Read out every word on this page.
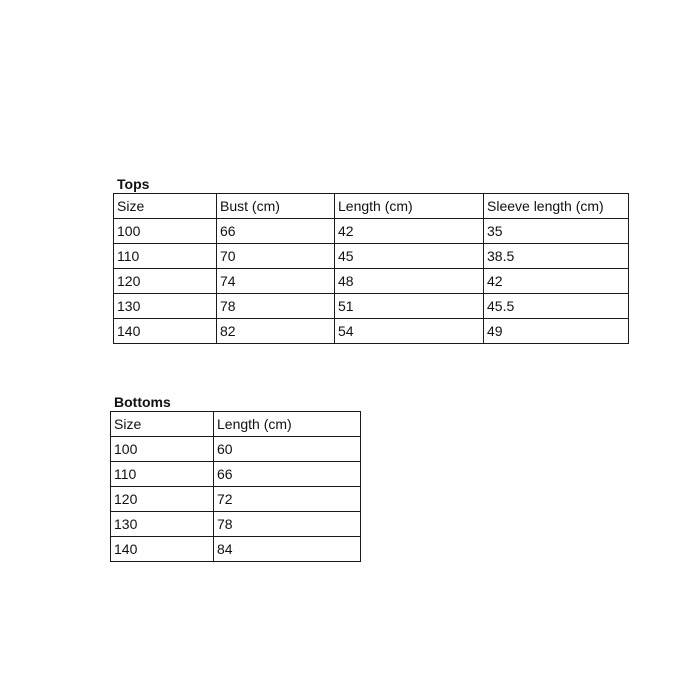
Tops
Size	Bust (cm)	Length (cm)	Sleeve length (cm)
100	66	42	35
110	70	45	38.5
120	74	48	42
130	78	51	45.5
140	82	54	49
Bottoms
Size	Length (cm)
100	60
110	66
120	72
130	78
140	84
